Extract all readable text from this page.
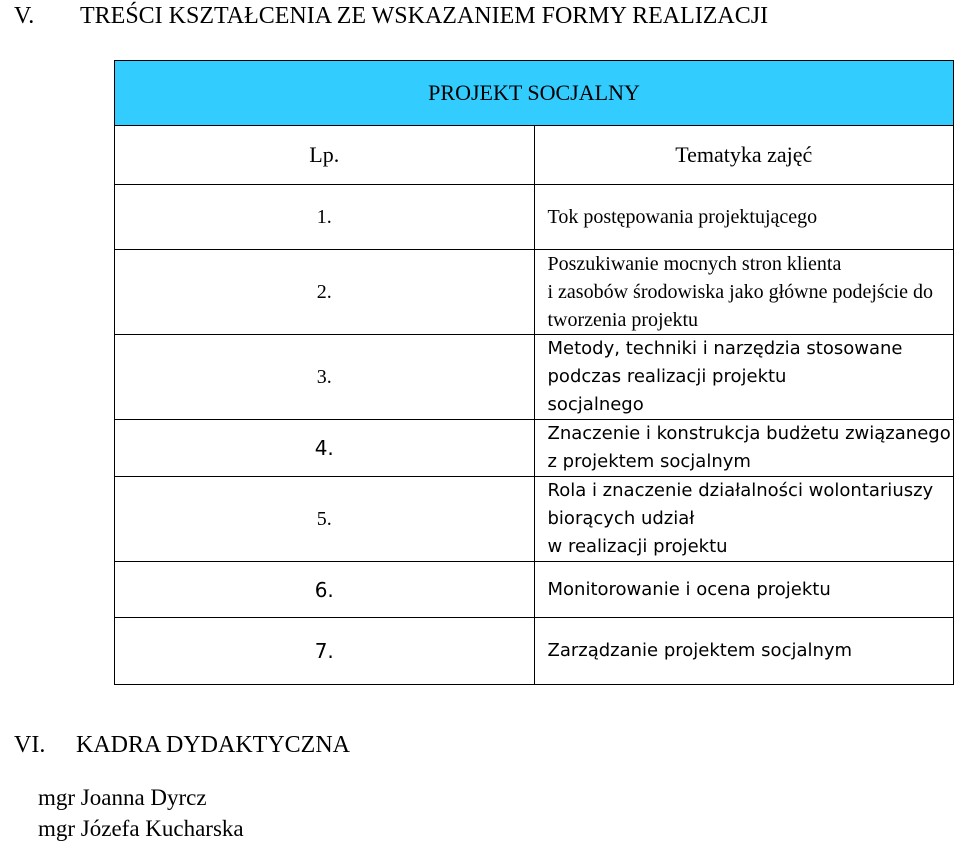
V. TREŚCI KSZTAŁCENIA ZE WSKAZANIEM FORMY REALIZACJI
PROJEKT SOCJALNY	
Lp.	Tematyka zajęć
1.	Tok postępowania projektującego
2.	Poszukiwanie mocnych stron klienta
i zasobów środowiska jako główne podejście do tworzenia projektu

3.	Metody, techniki i narzędzia stosowane podczas realizacji projektu
socjalnego

4.	Znaczenie i konstrukcja budżetu związanego z projektem socjalnym
5.	Rola i znaczenie działalności wolontariuszy biorących udział
w realizacji projektu

6.	Monitorowanie i ocena projektu
7.	Zarządzanie projektem socjalnym
VI. KADRA DYDAKTYCZNA
mgr Joanna Dyrcz
mgr Józefa Kucharska
